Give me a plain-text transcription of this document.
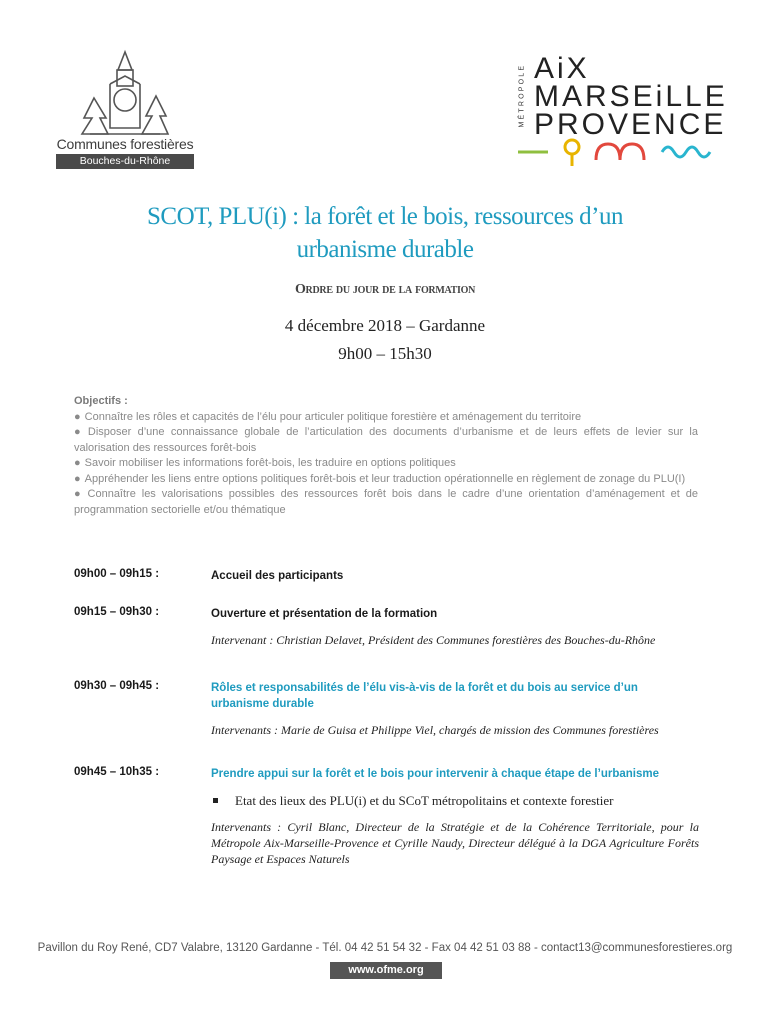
Communes forestières
Bouches-du-Rhône
MÉTROPOLE AiX
MARSEiLLE
PROVENCE
SCOT, PLU(i) : la forêt et le bois, ressources d’un
urbanisme durable
Ordre du jour de la formation
4 décembre 2018 – Gardanne
9h00 – 15h30
Objectifs :

● Connaître les rôles et capacités de l’élu pour articuler politique forestière et aménagement du territoire

● Disposer d’une connaissance globale de l’articulation des documents d’urbanisme et de leurs effets de levier sur la valorisation des ressources forêt-bois

● Savoir mobiliser les informations forêt-bois, les traduire en options politiques

● Appréhender les liens entre options politiques forêt-bois et leur traduction opérationnelle en règlement de zonage du PLU(I)

● Connaître les valorisations possibles des ressources forêt bois dans le cadre d’une orientation d’aménagement et de programmation sectorielle et/ou thématique

09h00 – 09h15 :	Accueil des participants
09h15 – 09h30 :	Ouverture et présentation de la formation
Intervenant : Christian Delavet, Président des Communes forestières des Bouches-du-Rhône
09h30 – 09h45 :	Rôles et responsabilités de l’élu vis-à-vis de la forêt et du bois au service d’un urbanisme durable
Intervenants : Marie de Guisa et Philippe Viel, chargés de mission des Communes forestières
09h45 – 10h35 :	Prendre appui sur la forêt et le bois pour intervenir à chaque étape de l’urbanisme
Etat des lieux des PLU(i) et du SCoT métropolitains et contexte forestier
Intervenants : Cyril Blanc, Directeur de la Stratégie et de la Cohérence Territoriale, pour la Métropole Aix-Marseille-Provence et Cyrille Naudy, Directeur délégué à la DGA Agriculture Forêts Paysage et Espaces Naturels
Pavillon du Roy René, CD7 Valabre, 13120 Gardanne - Tél. 04 42 51 54 32 - Fax 04 42 51 03 88 - contact13@communesforestieres.org
www.ofme.org
